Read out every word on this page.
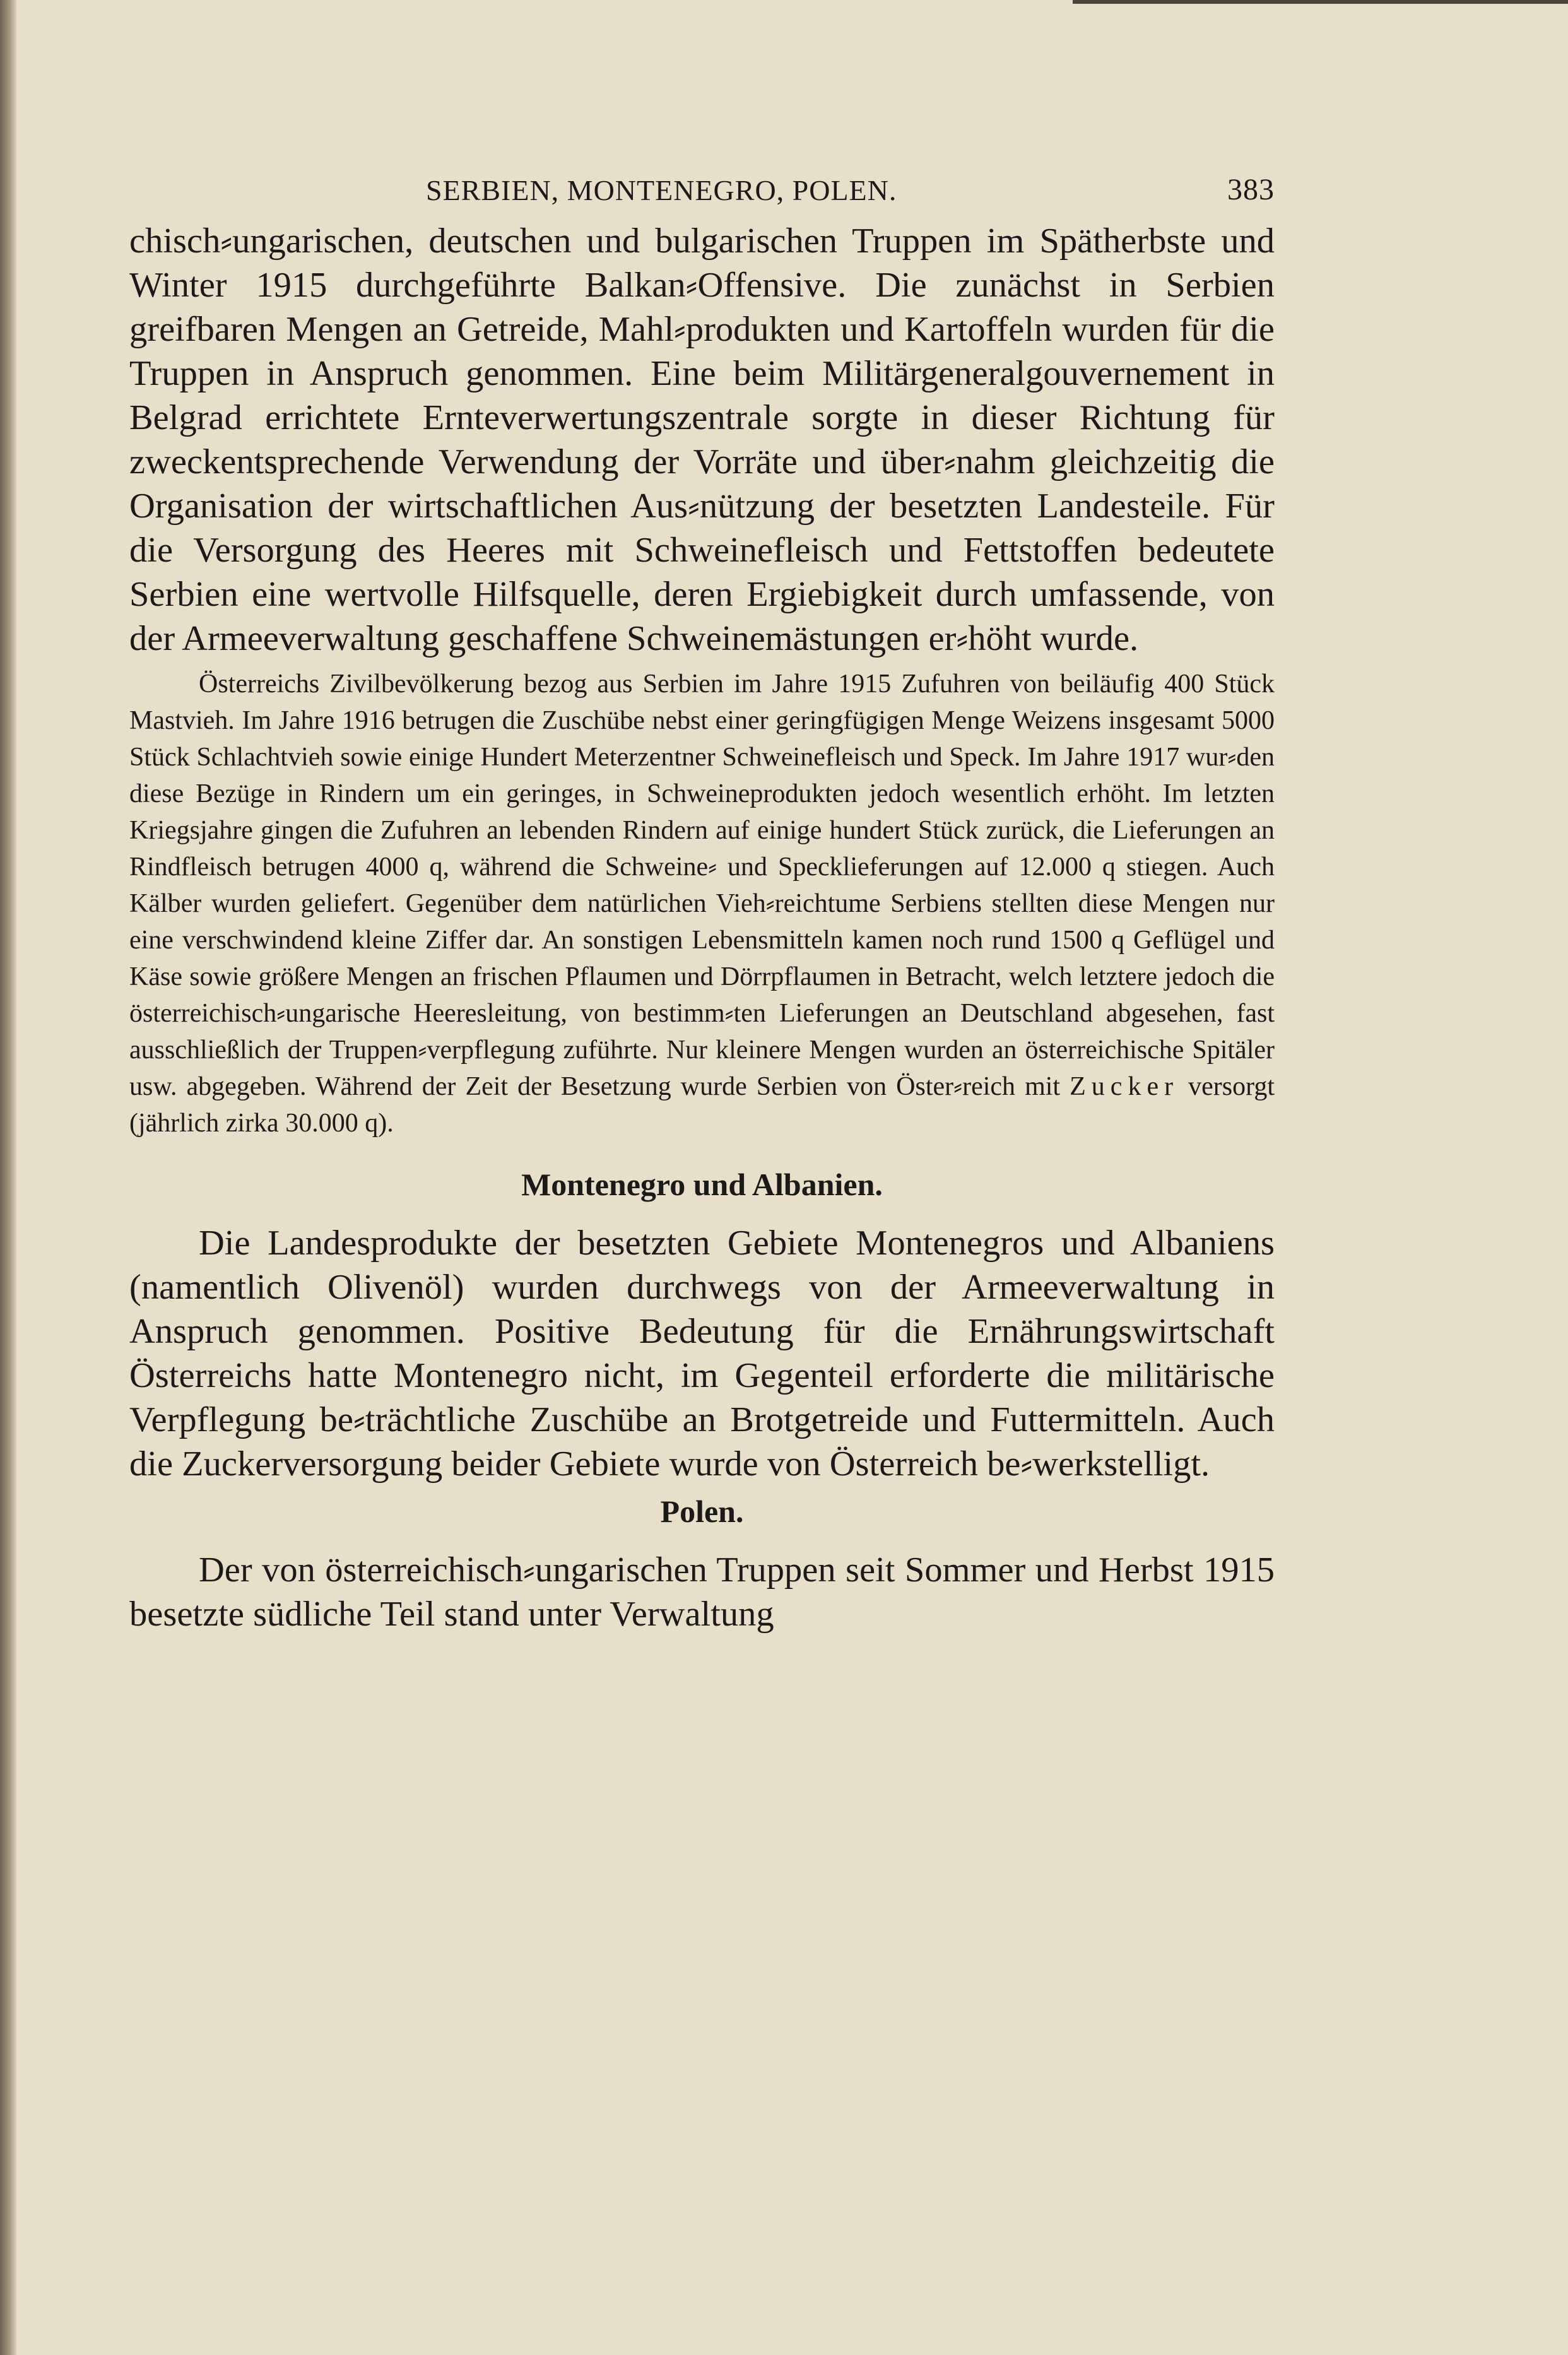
SERBIEN, MONTENEGRO, POLEN.	383

chisch⸗ungarischen, deutschen und bulgarischen Truppen im Spätherbste und Winter 1915 durchgeführte Balkan⸗Offensive. Die zunächst in Serbien greifbaren Mengen an Getreide, Mahl⸗produkten und Kartoffeln wurden für die Truppen in Anspruch genommen. Eine beim Militärgeneralgouvernement in Belgrad errichtete Ernteverwertungszentrale sorgte in dieser Richtung für zweckentsprechende Verwendung der Vorräte und über⸗nahm gleichzeitig die Organisation der wirtschaftlichen Aus⸗nützung der besetzten Landesteile. Für die Versorgung des Heeres mit Schweinefleisch und Fettstoffen bedeutete Serbien eine wertvolle Hilfsquelle, deren Ergiebigkeit durch umfassende, von der Armeeverwaltung geschaffene Schweinemästungen er⸗höht wurde.

Österreichs Zivilbevölkerung bezog aus Serbien im Jahre 1915 Zufuhren von beiläufig 400 Stück Mastvieh. Im Jahre 1916 betrugen die Zuschübe nebst einer geringfügigen Menge Weizens insgesamt 5000 Stück Schlachtvieh sowie einige Hundert Meterzentner Schweinefleisch und Speck. Im Jahre 1917 wur⸗den diese Bezüge in Rindern um ein geringes, in Schweineprodukten jedoch wesentlich erhöht. Im letzten Kriegsjahre gingen die Zufuhren an lebenden Rindern auf einige hundert Stück zurück, die Lieferungen an Rindfleisch betrugen 4000 q, während die Schweine⸗ und Specklieferungen auf 12.000 q stiegen. Auch Kälber wurden geliefert. Gegenüber dem natürlichen Vieh⸗reichtume Serbiens stellten diese Mengen nur eine verschwindend kleine Ziffer dar. An sonstigen Lebensmitteln kamen noch rund 1500 q Geflügel und Käse sowie größere Mengen an frischen Pflaumen und Dörrpflaumen in Betracht, welch letztere jedoch die österreichisch⸗ungarische Heeresleitung, von bestimm⸗ten Lieferungen an Deutschland abgesehen, fast ausschließlich der Truppen⸗verpflegung zuführte. Nur kleinere Mengen wurden an österreichische Spitäler usw. abgegeben. Während der Zeit der Besetzung wurde Serbien von Öster⸗reich mit Zucker versorgt (jährlich zirka 30.000 q).

Montenegro und Albanien.

Die Landesprodukte der besetzten Gebiete Montenegros und Albaniens (namentlich Olivenöl) wurden durchwegs von der Armeeverwaltung in Anspruch genommen. Positive Bedeutung für die Ernährungswirtschaft Österreichs hatte Montenegro nicht, im Gegenteil erforderte die militärische Verpflegung be⸗trächtliche Zuschübe an Brotgetreide und Futtermitteln. Auch die Zuckerversorgung beider Gebiete wurde von Österreich be⸗werkstelligt.

Polen.

Der von österreichisch⸗ungarischen Truppen seit Sommer und Herbst 1915 besetzte südliche Teil stand unter Verwaltung
